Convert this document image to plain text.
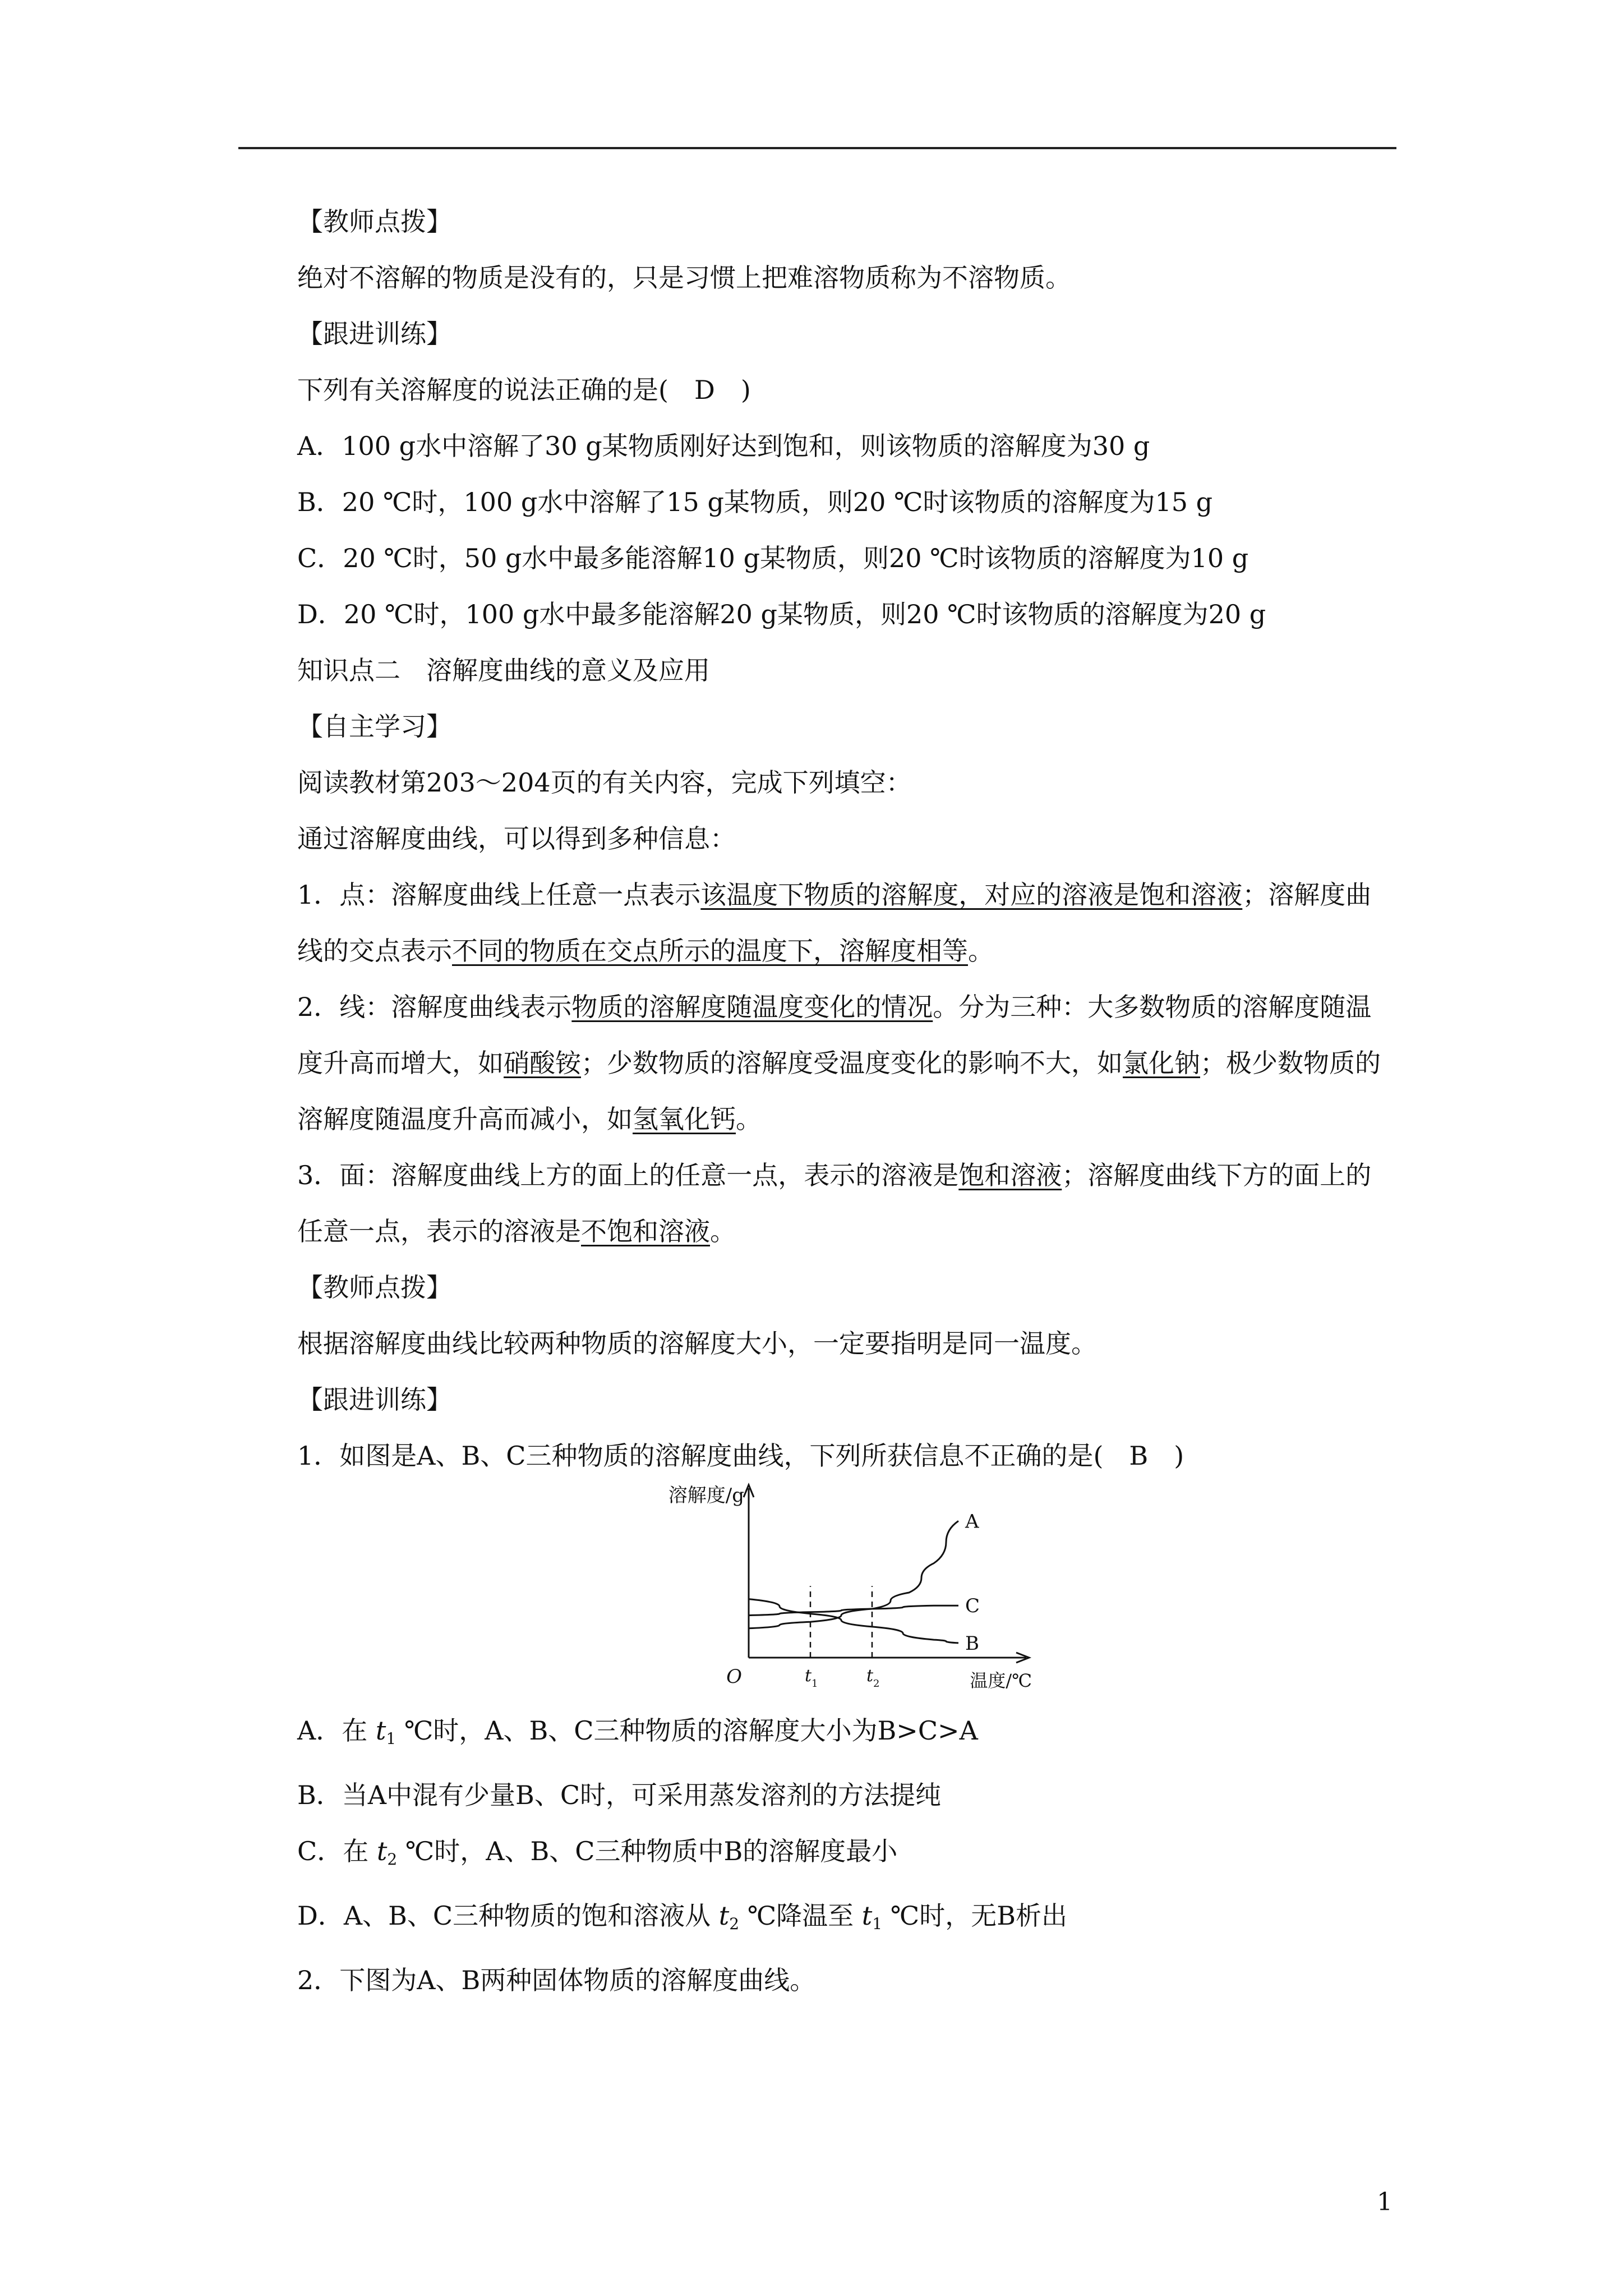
【教师点拨】
绝对不溶解的物质是没有的，只是习惯上把难溶物质称为不溶物质。
【跟进训练】
下列有关溶解度的说法正确的是(　D　)
A．100 g水中溶解了30 g某物质刚好达到饱和，则该物质的溶解度为30 g
B．20 ℃时，100 g水中溶解了15 g某物质，则20 ℃时该物质的溶解度为15 g
C．20 ℃时，50 g水中最多能溶解10 g某物质，则20 ℃时该物质的溶解度为10 g
D．20 ℃时，100 g水中最多能溶解20 g某物质，则20 ℃时该物质的溶解度为20 g
知识点二　溶解度曲线的意义及应用
【自主学习】
阅读教材第203～204页的有关内容，完成下列填空：
通过溶解度曲线，可以得到多种信息：
1．点：溶解度曲线上任意一点表示该温度下物质的溶解度，对应的溶液是饱和溶液；溶解度曲线的交点表示不同的物质在交点所示的温度下，溶解度相等。
2．线：溶解度曲线表示物质的溶解度随温度变化的情况。分为三种：大多数物质的溶解度随温度升高而增大，如硝酸铵；少数物质的溶解度受温度变化的影响不大，如氯化钠；极少数物质的溶解度随温度升高而减小，如氢氧化钙。
3．面：溶解度曲线上方的面上的任意一点，表示的溶液是饱和溶液；溶解度曲线下方的面上的任意一点，表示的溶液是不饱和溶液。
【教师点拨】
根据溶解度曲线比较两种物质的溶解度大小，一定要指明是同一温度。
【跟进训练】
1．如图是A、B、C三种物质的溶解度曲线，下列所获信息不正确的是(　B　)
溶解度/g
温度/℃
O	t 1	t 2
A
B
C
A．在 $t_1$ ℃时，A、B、C三种物质的溶解度大小为B>C>A
B．当A中混有少量B、C时，可采用蒸发溶剂的方法提纯
C．在 $t_2$ ℃时，A、B、C三种物质中B的溶解度最小
D．A、B、C三种物质的饱和溶液从 $t_2$ ℃降温至 $t_1$ ℃时，无B析出
2．下图为A、B两种固体物质的溶解度曲线。
1
